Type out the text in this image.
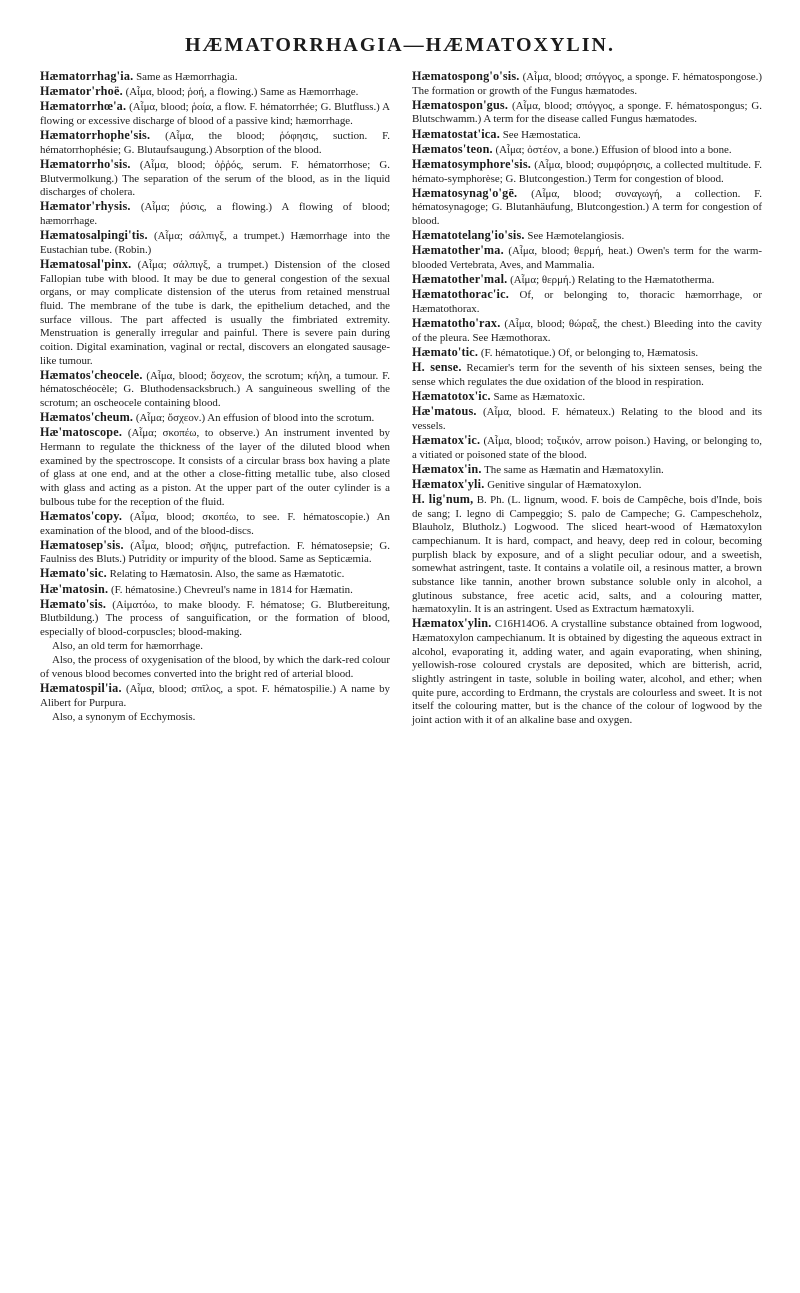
HÆMATORRHAGIA—HÆMATOXYLIN.

Hæmatorrhag'ia. Same as Hæmorrhagia.

Hæmator'rhoë. (Αἷμα, blood; ῥοή, a flowing.) Same as Hæmorrhage.

Hæmatorrhœ'a. (Αἷμα, blood; ῥοία, a flow. F. hématorrhée; G. Blutfluss.) A flowing or excessive discharge of blood of a passive kind; hæmorrhage.

Hæmatorrhophe'sis. (Αἷμα, the blood; ῥόφησις, suction. F. hématorrhophésie; G. Blutaufsaugung.) Absorption of the blood.

Hæmatorrho'sis. (Αἷμα, blood; ὀῤῥός, serum. F. hématorrhose; G. Blutvermolkung.) The separation of the serum of the blood, as in the liquid discharges of cholera.

Hæmator'rhysis. (Αἷμα; ῥύσις, a flowing.) A flowing of blood; hæmorrhage.

Hæmatosalpingi'tis. (Αἷμα; σάλπιγξ, a trumpet.) Hæmorrhage into the Eustachian tube. (Robin.)

Hæmatosal'pinx. (Αἷμα; σάλπιγξ, a trumpet.) Distension of the closed Fallopian tube with blood. It may be due to general congestion of the sexual organs, or may complicate distension of the uterus from retained menstrual fluid. The membrane of the tube is dark, the epithelium detached, and the surface villous. The part affected is usually the fimbriated extremity. Menstruation is generally irregular and painful. There is severe pain during coition. Digital examination, vaginal or rectal, discovers an elongated sausage-like tumour.

Hæmatos'cheocele. (Αἷμα, blood; ὄσχεον, the scrotum; κήλη, a tumour. F. hématoschéocèle; G. Bluthodensacksbruch.) A sanguineous swelling of the scrotum; an oscheocele containing blood.

Hæmatos'cheum. (Αἷμα; ὄσχεον.) An effusion of blood into the scrotum.

Hæ'matoscope. (Αἷμα; σκοπέω, to observe.) An instrument invented by Hermann to regulate the thickness of the layer of the diluted blood when examined by the spectroscope. It consists of a circular brass box having a plate of glass at one end, and at the other a close-fitting metallic tube, also closed with glass and acting as a piston. At the upper part of the outer cylinder is a bulbous tube for the reception of the fluid.

Hæmatos'copy. (Αἷμα, blood; σκοπέω, to see. F. hématoscopie.) An examination of the blood, and of the blood-discs.

Hæmatosep'sis. (Αἷμα, blood; σῆψις, putrefaction. F. hématosepsie; G. Faulniss des Bluts.) Putridity or impurity of the blood. Same as Septicæmia.

Hæmato'sic. Relating to Hæmatosin. Also, the same as Hæmatotic.

Hæ'matosin. (F. hématosine.) Chevreul's name in 1814 for Hæmatin.

Hæmato'sis. (Αἱματόω, to make bloody. F. hématose; G. Blutbereitung, Blutbildung.) The process of sanguification, or the formation of blood, especially of blood-corpuscles; blood-making.

Also, an old term for hæmorrhage.

Also, the process of oxygenisation of the blood, by which the dark-red colour of venous blood becomes converted into the bright red of arterial blood.

Hæmatospil'ia. (Αἷμα, blood; σπῖλος, a spot. F. hématospilie.) A name by Alibert for Purpura.

Also, a synonym of Ecchymosis.

Hæmatospong'o'sis. (Αἷμα, blood; σπόγγος, a sponge. F. hématospongose.) The formation or growth of the Fungus hæmatodes.

Hæmatospon'gus. (Αἷμα, blood; σπόγγος, a sponge. F. hématospongus; G. Blutschwamm.) A term for the disease called Fungus hæmatodes.

Hæmatostat'ica. See Hæmostatica.

Hæmatos'teon. (Αἷμα; ὀστέον, a bone.) Effusion of blood into a bone.

Hæmatosymphore'sis. (Αἷμα, blood; συμφόρησις, a collected multitude. F. hémato-symphorèse; G. Blutcongestion.) Term for congestion of blood.

Hæmatosynag'o'gē. (Αἷμα, blood; συναγωγή, a collection. F. hématosynagoge; G. Blutanhäufung, Blutcongestion.) A term for congestion of blood.

Hæmatotelang'io'sis. See Hæmotelangiosis.

Hæmatother'ma. (Αἷμα, blood; θερμή, heat.) Owen's term for the warm-blooded Vertebrata, Aves, and Mammalia.

Hæmatother'mal. (Αἷμα; θερμή.) Relating to the Hæmatotherma.

Hæmatothorac'ic. Of, or belonging to, thoracic hæmorrhage, or Hæmatothorax.

Hæmatotho'rax. (Αἷμα, blood; θώραξ, the chest.) Bleeding into the cavity of the pleura. See Hæmothorax.

Hæmato'tic. (F. hématotique.) Of, or belonging to, Hæmatosis.

H. sense. Recamier's term for the seventh of his sixteen senses, being the sense which regulates the due oxidation of the blood in respiration.

Hæmatotox'ic. Same as Hæmatoxic.

Hæ'matous. (Αἷμα, blood. F. hémateux.) Relating to the blood and its vessels.

Hæmatox'ic. (Αἷμα, blood; τοξικόν, arrow poison.) Having, or belonging to, a vitiated or poisoned state of the blood.

Hæmatox'in. The same as Hæmatin and Hæmatoxylin.

Hæmatox'yli. Genitive singular of Hæmatoxylon.

H. lig'num, B. Ph. (L. lignum, wood. F. bois de Campêche, bois d'Inde, bois de sang; I. legno di Campeggio; S. palo de Campeche; G. Campescheholz, Blauholz, Blutholz.) Logwood. The sliced heart-wood of Hæmatoxylon campechianum. It is hard, compact, and heavy, deep red in colour, becoming purplish black by exposure, and of a slight peculiar odour, and a sweetish, somewhat astringent, taste. It contains a volatile oil, a resinous matter, a brown substance like tannin, another brown substance soluble only in alcohol, a glutinous substance, free acetic acid, salts, and a colouring matter, hæmatoxylin. It is an astringent. Used as Extractum hæmatoxyli.

Hæmatox'ylin. C16H14O6. A crystalline substance obtained from logwood, Hæmatoxylon campechianum. It is obtained by digesting the aqueous extract in alcohol, evaporating it, adding water, and again evaporating, when shining, yellowish-rose coloured crystals are deposited, which are bitterish, acrid, slightly astringent in taste, soluble in boiling water, alcohol, and ether; when quite pure, according to Erdmann, the crystals are colourless and sweet. It is not itself the colouring matter, but is the chance of the colour of logwood by the joint action with it of an alkaline base and oxygen.
